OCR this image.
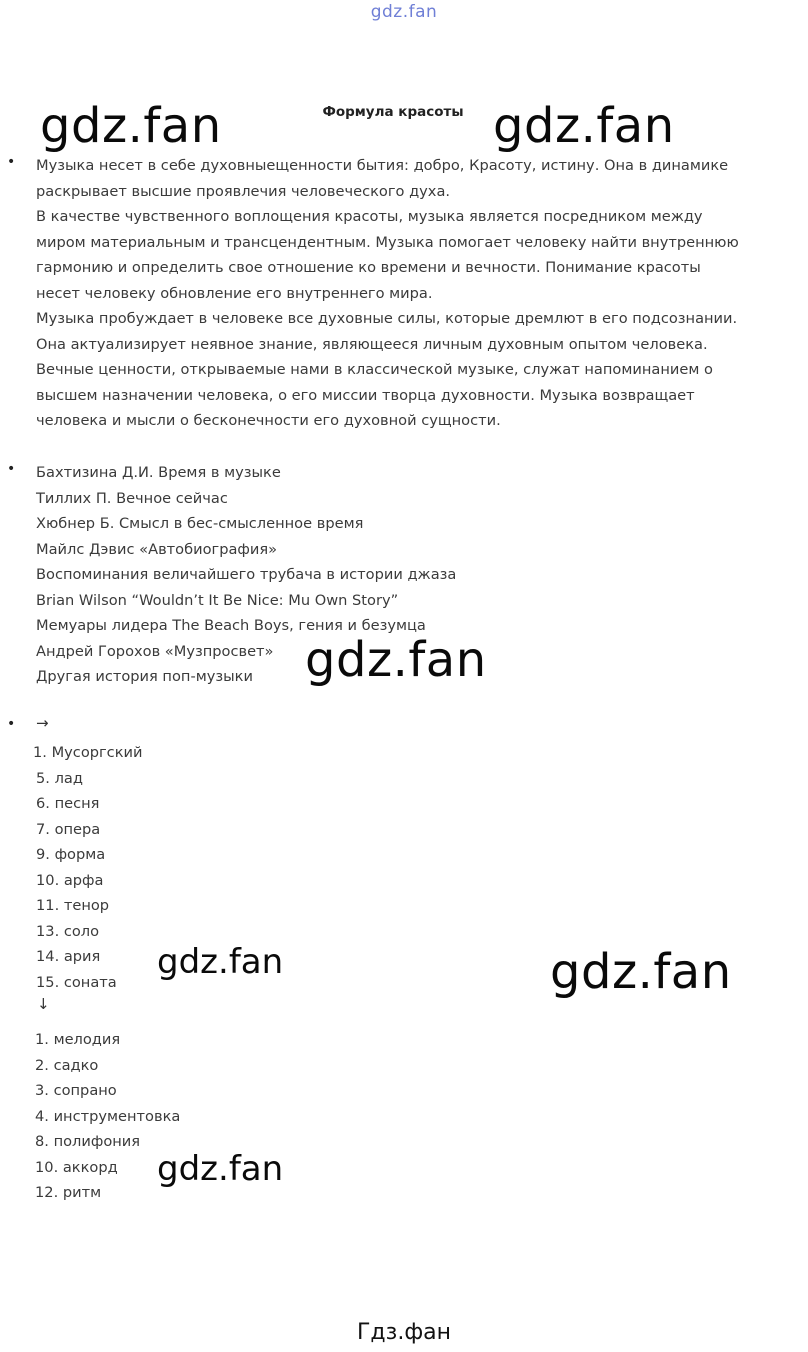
gdz.fan
Формула красоты
• Музыка несет в себе духовныещенности бытия: добро, Красоту, истину. Она в динамике

раскрывает высшие проявлечия человеческого духа.

В качестве чувственного воплощения красоты, музыка является посредником между

миром материальным и трансцендентным. Музыка помогает человеку найти внутреннюю

гармонию и определить свое отношение ко времени и вечности. Понимание красоты

несет человеку обновление его внутреннего мира.

Музыка пробуждает в человеке все духовные силы, которые дремлют в его подсознании.

Она актуализирует неявное знание, являющееся личным духовным опытом человека.

Вечные ценности, открываемые нами в классической музыке, служат напоминанием о

высшем назначении человека, о его миссии творца духовности. Музыка возвращает

человека и мысли о бесконечности его духовной сущности.

• Бахтизина Д.И. Время в музыке
Тиллих П. Вечное сейчас
Хюбнер Б. Смысл в бес-смысленное время
Майлс Дэвис «Автобиография»
Воспоминания величайшего трубача в истории джаза
Brian Wilson “Wouldn’t It Be Nice: Mu Own Story”
Мемуары лидера The Beach Boys, гения и безумца
Андрей Горохов «Музпросвет»
Другая история поп-музыки
• →
1. Мусоргский
5. лад
6. песня
7. опера
9. форма
10. арфа
11. тенор
13. соло
14. ария
15. соната
↓
1. мелодия
2. садко
3. сопрано
4. инструментовка
8. полифония
10. аккорд
12. ритм
gdz.fan	gdz.fan
gdz.fan
gdz.fan	gdz.fan
gdz.fan
Гдз.фан
